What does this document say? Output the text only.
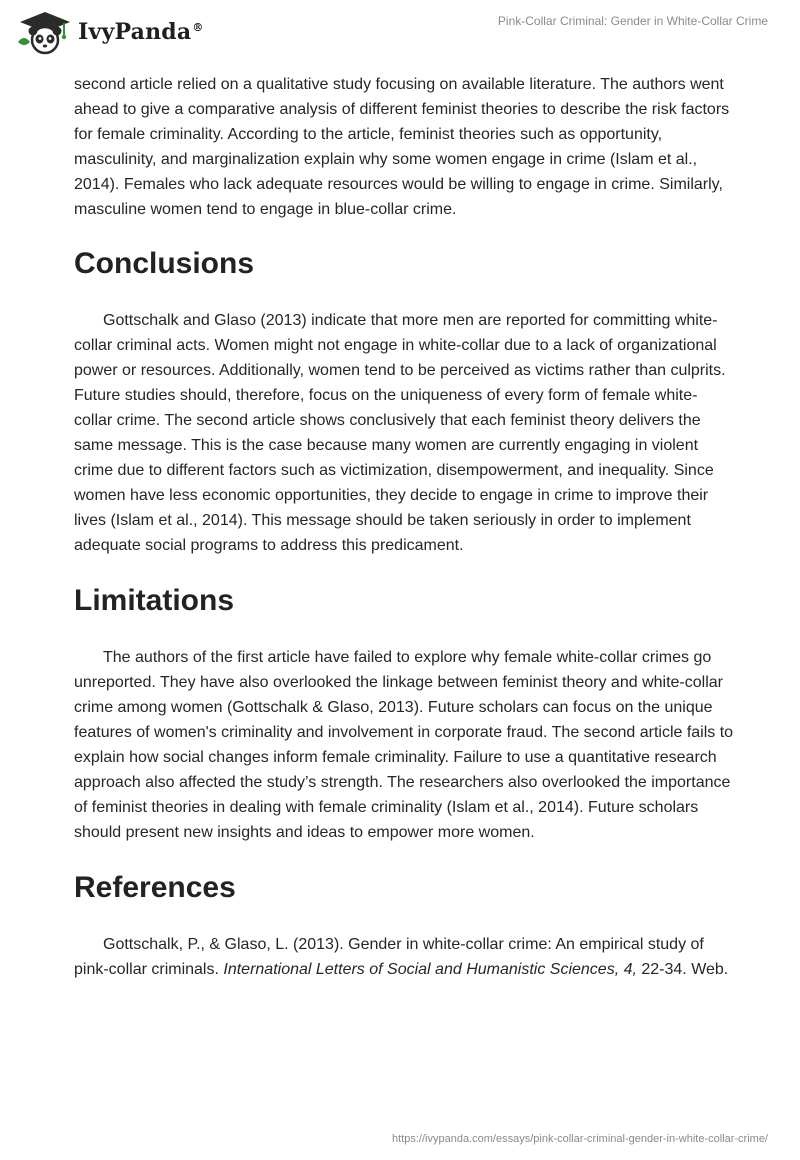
IvyPanda®	Pink-Collar Criminal: Gender in White-Collar Crime

second article relied on a qualitative study focusing on available literature. The authors went ahead to give a comparative analysis of different feminist theories to describe the risk factors for female criminality. According to the article, feminist theories such as opportunity, masculinity, and marginalization explain why some women engage in crime (Islam et al., 2014). Females who lack adequate resources would be willing to engage in crime. Similarly, masculine women tend to engage in blue-collar crime.

Conclusions

Gottschalk and Glaso (2013) indicate that more men are reported for committing white-collar criminal acts. Women might not engage in white-collar due to a lack of organizational power or resources. Additionally, women tend to be perceived as victims rather than culprits. Future studies should, therefore, focus on the uniqueness of every form of female white-collar crime. The second article shows conclusively that each feminist theory delivers the same message. This is the case because many women are currently engaging in violent crime due to different factors such as victimization, disempowerment, and inequality. Since women have less economic opportunities, they decide to engage in crime to improve their lives (Islam et al., 2014). This message should be taken seriously in order to implement adequate social programs to address this predicament.

Limitations

The authors of the first article have failed to explore why female white-collar crimes go unreported. They have also overlooked the linkage between feminist theory and white-collar crime among women (Gottschalk & Glaso, 2013). Future scholars can focus on the unique features of women's criminality and involvement in corporate fraud. The second article fails to explain how social changes inform female criminality. Failure to use a quantitative research approach also affected the study’s strength. The researchers also overlooked the importance of feminist theories in dealing with female criminality (Islam et al., 2014). Future scholars should present new insights and ideas to empower more women.

References

Gottschalk, P., & Glaso, L. (2013). Gender in white-collar crime: An empirical study of pink-collar criminals. International Letters of Social and Humanistic Sciences, 4, 22-34. Web.

https://ivypanda.com/essays/pink-collar-criminal-gender-in-white-collar-crime/
